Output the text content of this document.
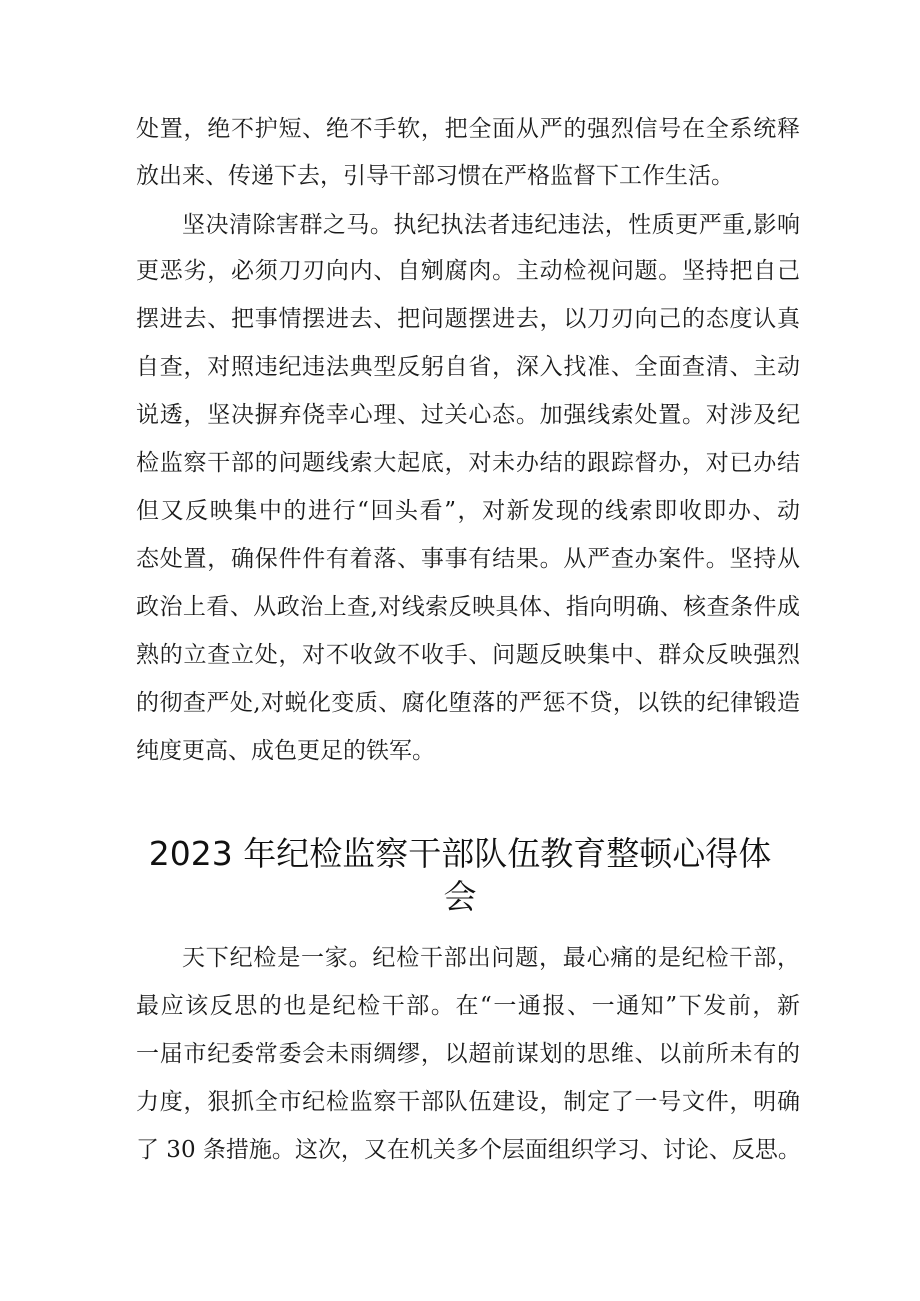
处置，绝不护短、绝不手软，把全面从严的强烈信号在全系统释
放出来、传递下去，引导干部习惯在严格监督下工作生活。
坚决清除害群之马。执纪执法者违纪违法，性质更严重,影响
更恶劣，必须刀刃向内、自剜腐肉。主动检视问题。坚持把自己
摆进去、把事情摆进去、把问题摆进去，以刀刃向己的态度认真
自查，对照违纪违法典型反躬自省，深入找准、全面查清、主动
说透，坚决摒弃侥幸心理、过关心态。加强线索处置。对涉及纪
检监察干部的问题线索大起底，对未办结的跟踪督办，对已办结
但又反映集中的进行“回头看”，对新发现的线索即收即办、动
态处置，确保件件有着落、事事有结果。从严查办案件。坚持从
政治上看、从政治上查,对线索反映具体、指向明确、核查条件成
熟的立查立处，对不收敛不收手、问题反映集中、群众反映强烈
的彻查严处,对蜕化变质、腐化堕落的严惩不贷，以铁的纪律锻造
纯度更高、成色更足的铁军。
2023 年纪检监察干部队伍教育整顿心得体
会
天下纪检是一家。纪检干部出问题，最心痛的是纪检干部，
最应该反思的也是纪检干部。在“一通报、一通知”下发前，新
一届市纪委常委会未雨绸缪，以超前谋划的思维、以前所未有的
力度，狠抓全市纪检监察干部队伍建设，制定了一号文件，明确
了 30 条措施。这次，又在机关多个层面组织学习、讨论、反思。
